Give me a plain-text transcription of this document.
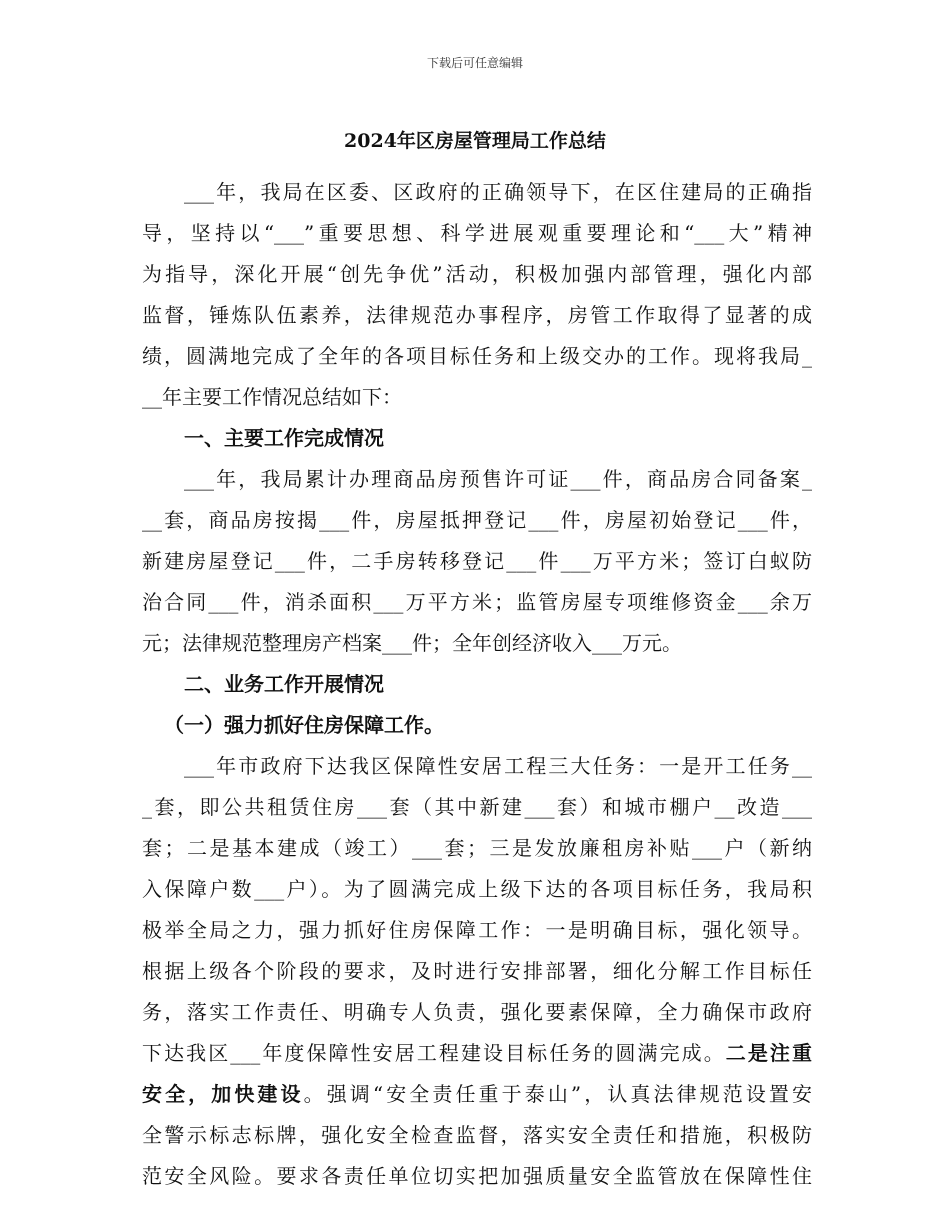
下载后可任意编辑
2024年区房屋管理局工作总结
___年，我局在区委、区政府的正确领导下，在区住建局的正确指
导，坚持以“___”重要思想、科学进展观重要理论和“___大”精神
为指导，深化开展“创先争优”活动，积极加强内部管理，强化内部
监督，锤炼队伍素养，法律规范办事程序，房管工作取得了显著的成
绩，圆满地完成了全年的各项目标任务和上级交办的工作。现将我局_
__年主要工作情况总结如下：
一、主要工作完成情况
___年，我局累计办理商品房预售许可证___件，商品房合同备案_
__套，商品房按揭___件，房屋抵押登记___件，房屋初始登记___件，
新建房屋登记___件，二手房转移登记___件___万平方米；签订白蚁防
治合同___件，消杀面积___万平方米；监管房屋专项维修资金___余万
元；法律规范整理房产档案___件；全年创经济收入___万元。
二、业务工作开展情况
（一）强力抓好住房保障工作。
___年市政府下达我区保障性安居工程三大任务：一是开工任务__
_套，即公共租赁住房___套（其中新建___套）和城市棚户__改造___
套；二是基本建成（竣工）___套；三是发放廉租房补贴___户（新纳
入保障户数___户）。为了圆满完成上级下达的各项目标任务，我局积
极举全局之力，强力抓好住房保障工作：一是明确目标，强化领导。
根据上级各个阶段的要求，及时进行安排部署，细化分解工作目标任
务，落实工作责任、明确专人负责，强化要素保障，全力确保市政府
下达我区___年度保障性安居工程建设目标任务的圆满完成。二是注重
安全，加快建设。强调“安全责任重于泰山”，认真法律规范设置安
全警示标志标牌，强化安全检查监督，落实安全责任和措施，积极防
范安全风险。要求各责任单位切实把加强质量安全监管放在保障性住
